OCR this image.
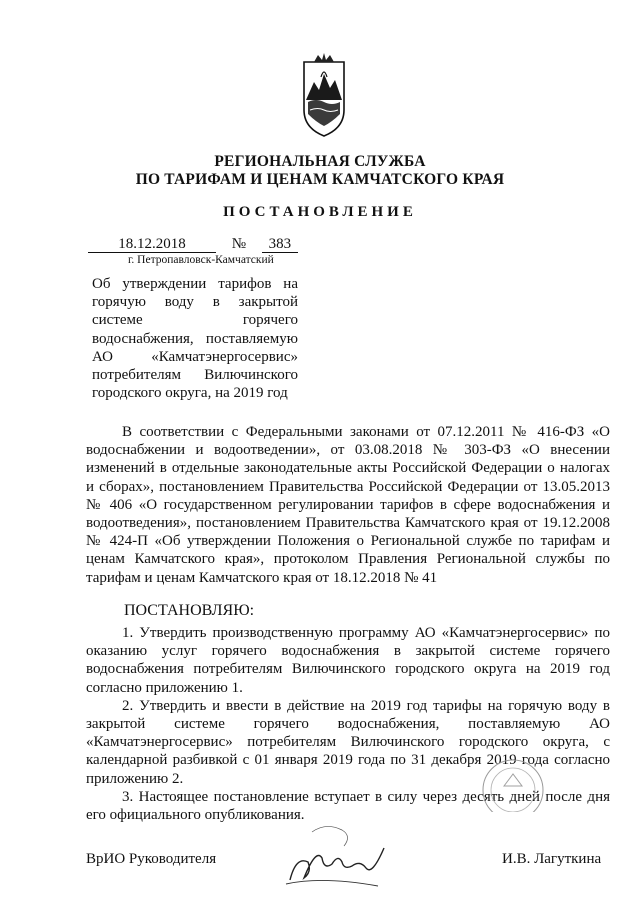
РЕГИОНАЛЬНАЯ СЛУЖБА
ПО ТАРИФАМ И ЦЕНАМ КАМЧАТСКОГО КРАЯ
ПОСТАНОВЛЕНИЕ
18.12.2018	№ 383
г. Петропавловск-Камчатский
Об утверждении тарифов на горячую воду в закрытой системе горячего водоснабжения, поставляемую АО «Камчатэнергосервис» потребителям Вилючинского городского округа, на 2019 год

В соответствии с Федеральными законами от 07.12.2011 № 416-ФЗ «О водоснабжении и водоотведении», от 03.08.2018 № 303-ФЗ «О внесении изменений в отдельные законодательные акты Российской Федерации о налогах и сборах», постановлением Правительства Российской Федерации от 13.05.2013 № 406 «О государственном регулировании тарифов в сфере водоснабжения и водоотведения», постановлением Правительства Камчатского края от 19.12.2008 № 424-П «Об утверждении Положения о Региональной службе по тарифам и ценам Камчатского края», протоколом Правления Региональной службы по тарифам и ценам Камчатского края от 18.12.2018 № 41

ПОСТАНОВЛЯЮ:

1. Утвердить производственную программу АО «Камчатэнергосервис» по оказанию услуг горячего водоснабжения в закрытой системе горячего водоснабжения потребителям Вилючинского городского округа на 2019 год согласно приложению 1.

2. Утвердить и ввести в действие на 2019 год тарифы на горячую воду в закрытой системе горячего водоснабжения, поставляемую АО «Камчатэнергосервис» потребителям Вилючинского городского округа, с календарной разбивкой с 01 января 2019 года по 31 декабря 2019 года согласно приложению 2.

3. Настоящее постановление вступает в силу через десять дней после дня его официального опубликования.

ВрИО Руководителя	И.В. Лагуткина
